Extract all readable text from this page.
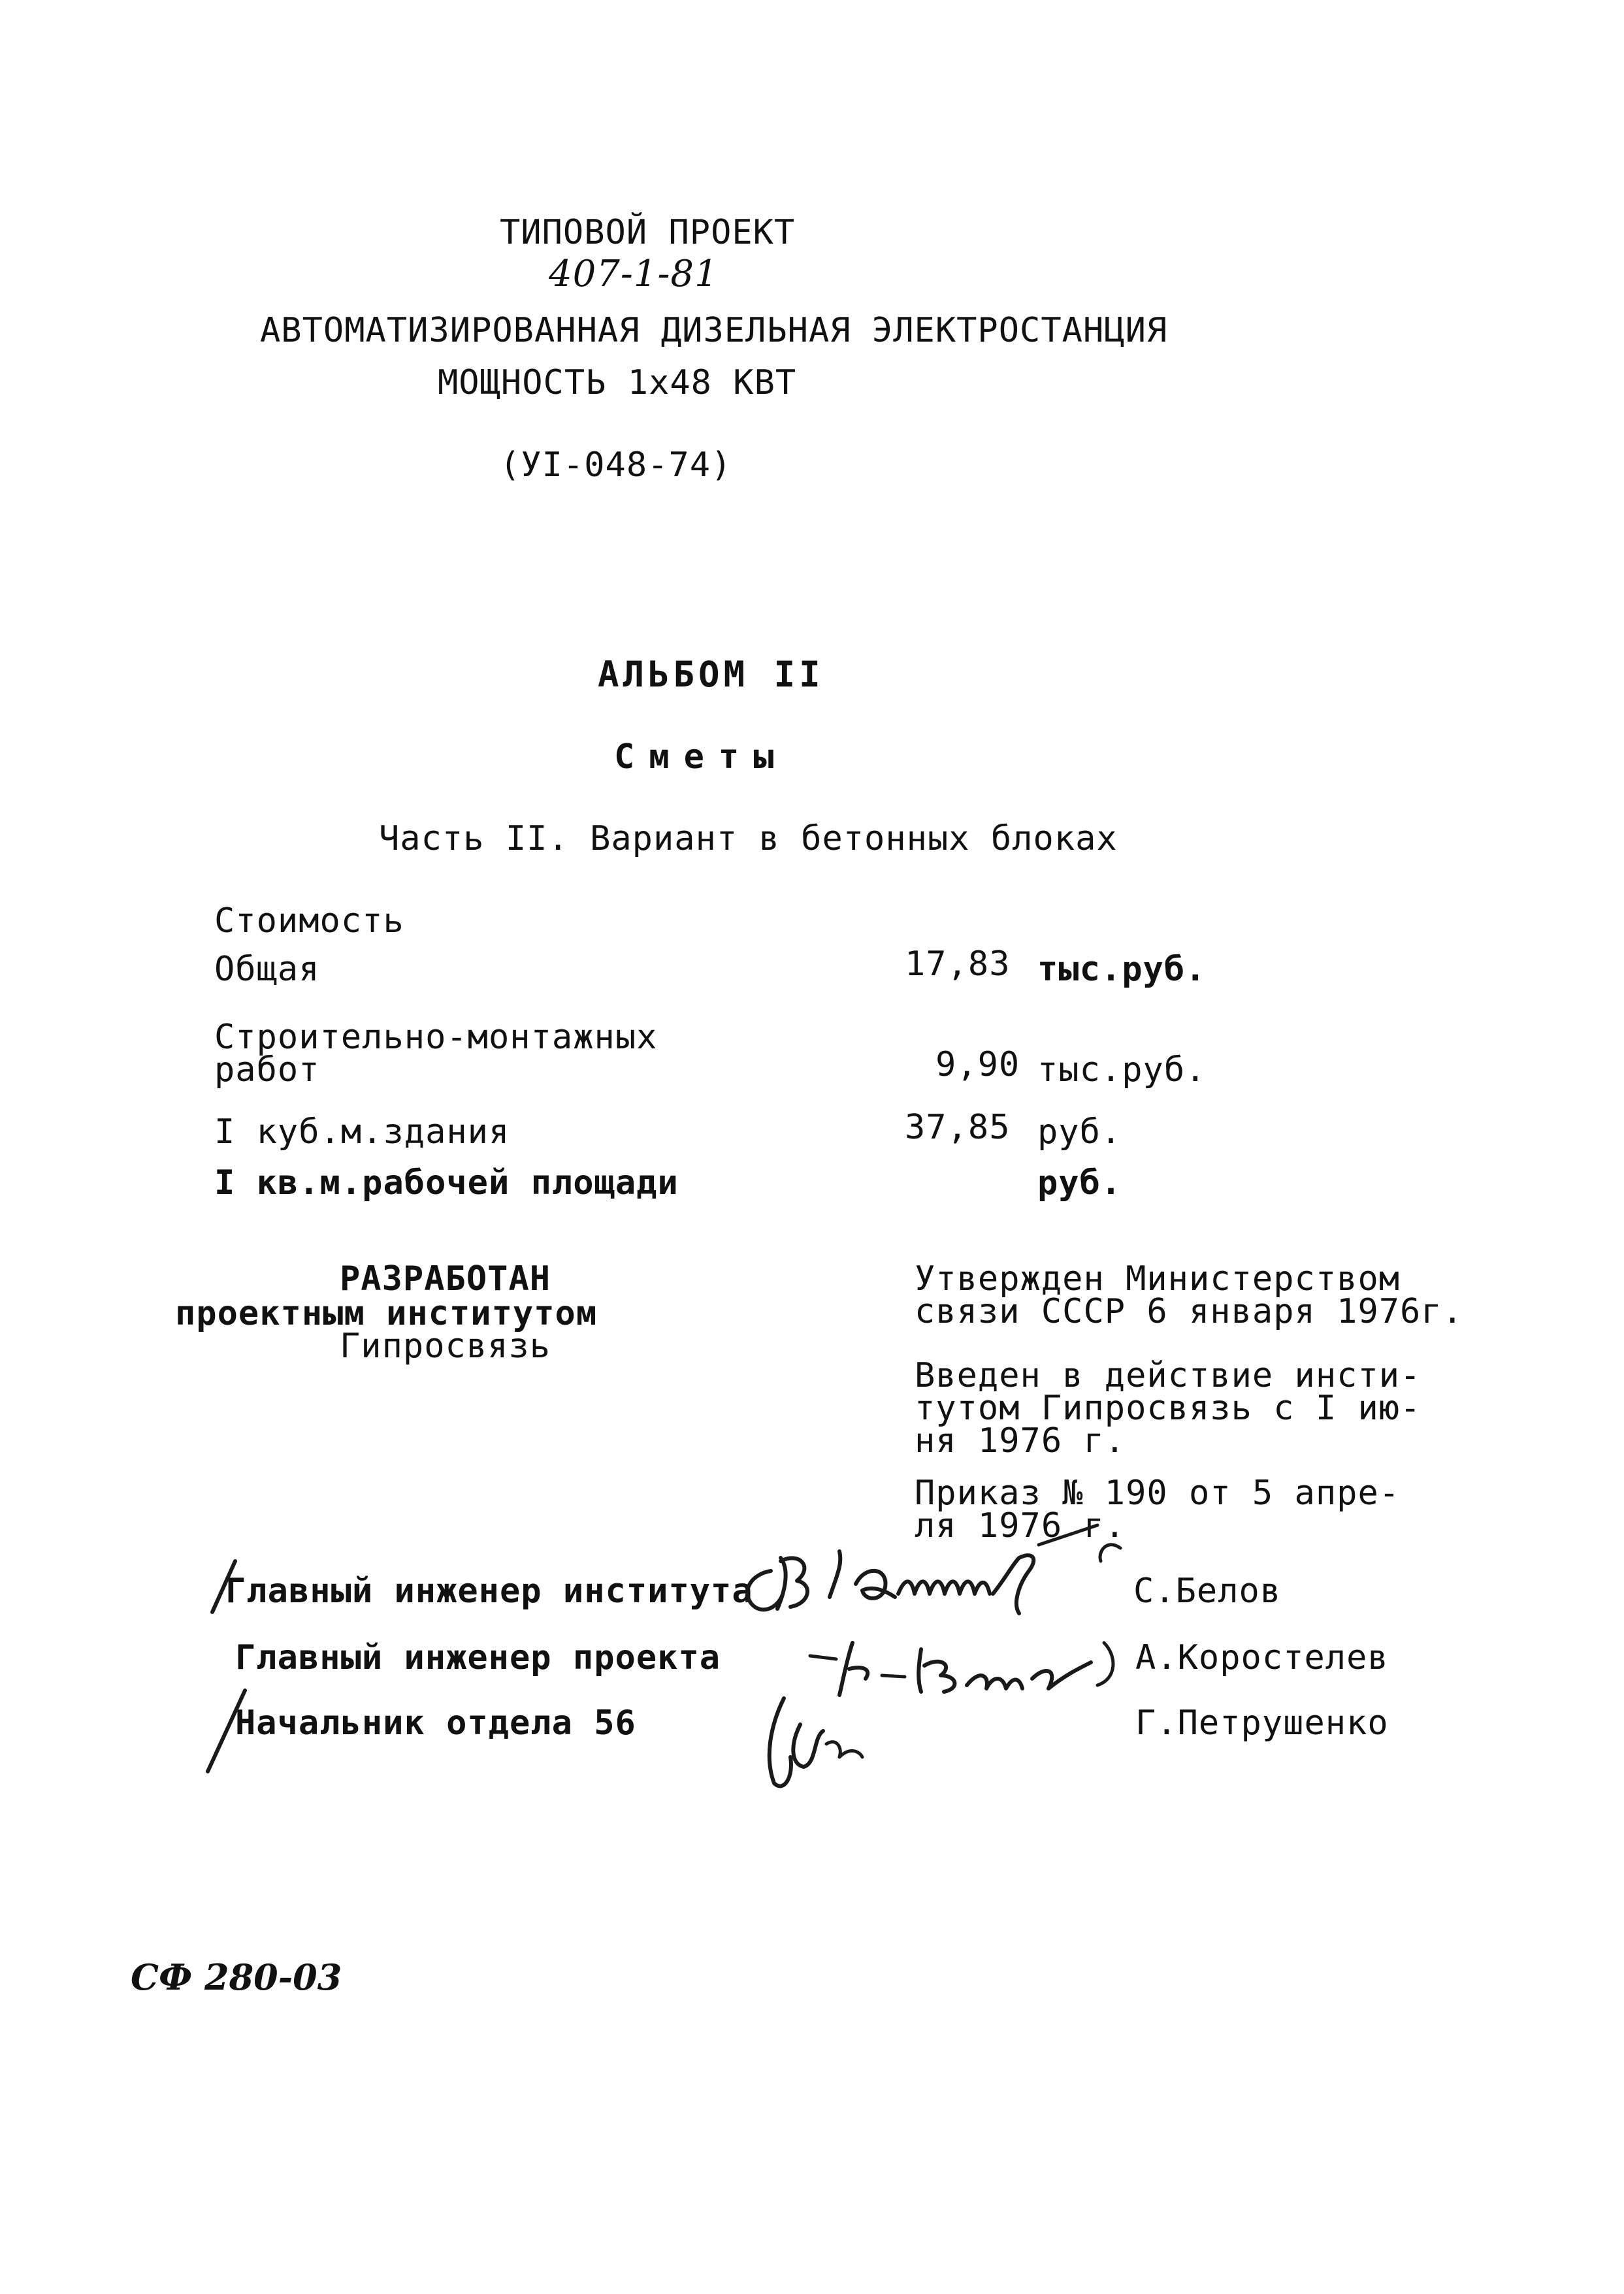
ТИПОВОЙ ПРОЕКТ
407-1-81
АВТОМАТИЗИРОВАННАЯ ДИЗЕЛЬНАЯ ЭЛЕКТРОСТАНЦИЯ
МОЩНОСТЬ 1х48 КВТ
(УI-048-74)
АЛЬБОМ II
Сметы
Часть II. Вариант в бетонных блоках
Стоимость
Общая	17,83 тыс.руб.
Строительно-монтажных
работ	9,90 тыс.руб.
I куб.м.здания	37,85 руб.
I кв.м.рабочей площади	руб.
РАЗРАБОТАН
проектным институтом
Гипросвязь
Утвержден Министерством
связи СССР 6 января 1976г.
Введен в действие инсти-
тутом Гипросвязь с I ию-
ня 1976 г.
Приказ № 190 от 5 апре-
ля 1976 г.
Главный инженер института	С.Белов
Главный инженер проекта	А.Коростелев
Начальник отдела 56	Г.Петрушенко
СФ 280-03
